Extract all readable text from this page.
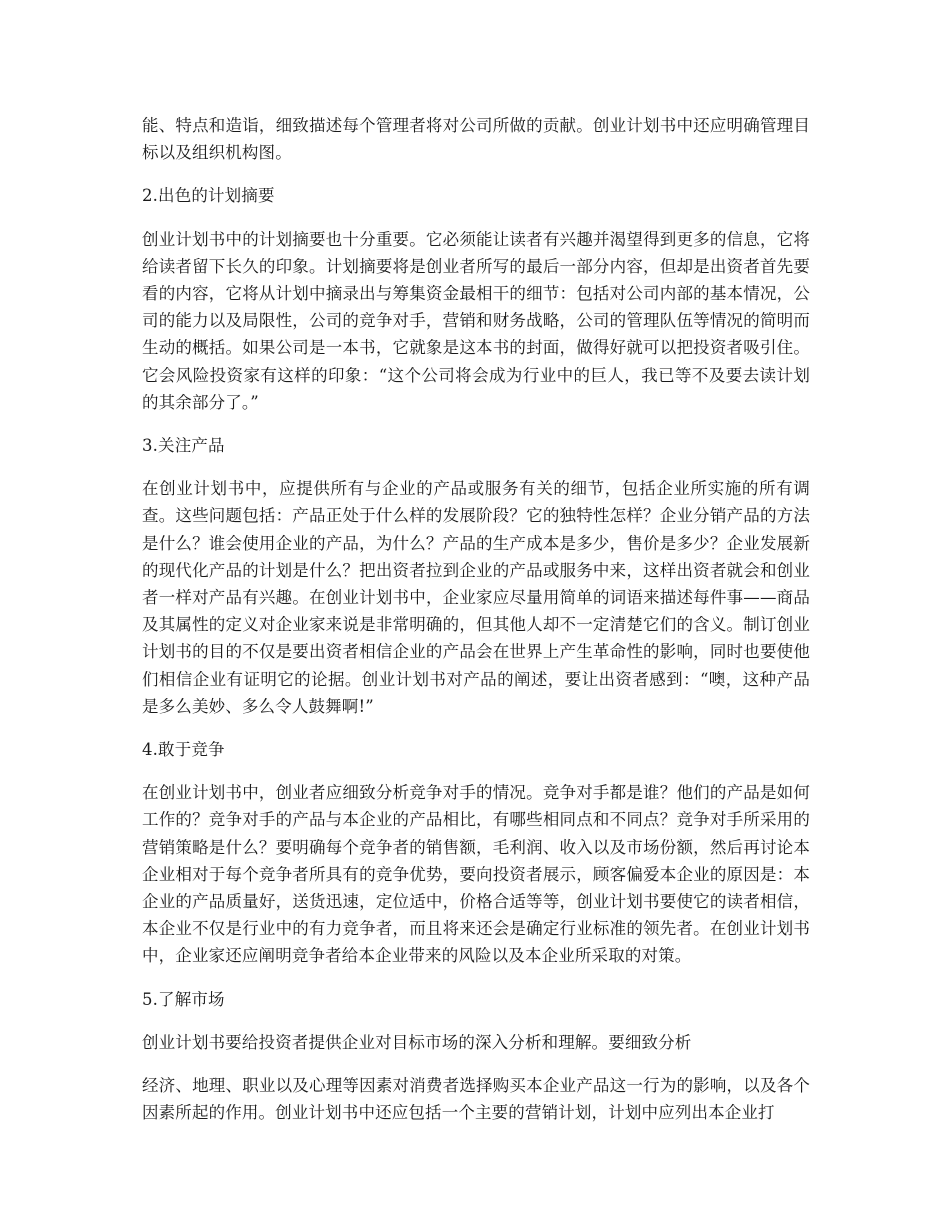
能、特点和造诣，细致描述每个管理者将对公司所做的贡献。创业计划书中还应明确管理目标以及组织机构图。

2.出色的计划摘要

创业计划书中的计划摘要也十分重要。它必须能让读者有兴趣并渴望得到更多的信息，它将给读者留下长久的印象。计划摘要将是创业者所写的最后一部分内容，但却是出资者首先要看的内容，它将从计划中摘录出与筹集资金最相干的细节：包括对公司内部的基本情况，公司的能力以及局限性，公司的竞争对手，营销和财务战略，公司的管理队伍等情况的简明而生动的概括。如果公司是一本书，它就象是这本书的封面，做得好就可以把投资者吸引住。它会风险投资家有这样的印象：“这个公司将会成为行业中的巨人，我已等不及要去读计划的其余部分了。”

3.关注产品

在创业计划书中，应提供所有与企业的产品或服务有关的细节，包括企业所实施的所有调查。这些问题包括：产品正处于什么样的发展阶段？它的独特性怎样？企业分销产品的方法是什么？谁会使用企业的产品，为什么？产品的生产成本是多少，售价是多少？企业发展新的现代化产品的计划是什么？把出资者拉到企业的产品或服务中来，这样出资者就会和创业者一样对产品有兴趣。在创业计划书中，企业家应尽量用简单的词语来描述每件事——商品及其属性的定义对企业家来说是非常明确的，但其他人却不一定清楚它们的含义。制订创业计划书的目的不仅是要出资者相信企业的产品会在世界上产生革命性的影响，同时也要使他们相信企业有证明它的论据。创业计划书对产品的阐述，要让出资者感到：“噢，这种产品是多么美妙、多么令人鼓舞啊!”

4.敢于竞争

在创业计划书中，创业者应细致分析竞争对手的情况。竞争对手都是谁？他们的产品是如何工作的？竞争对手的产品与本企业的产品相比，有哪些相同点和不同点？竞争对手所采用的营销策略是什么？要明确每个竞争者的销售额，毛利润、收入以及市场份额，然后再讨论本企业相对于每个竞争者所具有的竞争优势，要向投资者展示，顾客偏爱本企业的原因是：本企业的产品质量好，送货迅速，定位适中，价格合适等等，创业计划书要使它的读者相信，本企业不仅是行业中的有力竞争者，而且将来还会是确定行业标准的领先者。在创业计划书中，企业家还应阐明竞争者给本企业带来的风险以及本企业所采取的对策。

5.了解市场

创业计划书要给投资者提供企业对目标市场的深入分析和理解。要细致分析

经济、地理、职业以及心理等因素对消费者选择购买本企业产品这一行为的影响，以及各个因素所起的作用。创业计划书中还应包括一个主要的营销计划，计划中应列出本企业打
